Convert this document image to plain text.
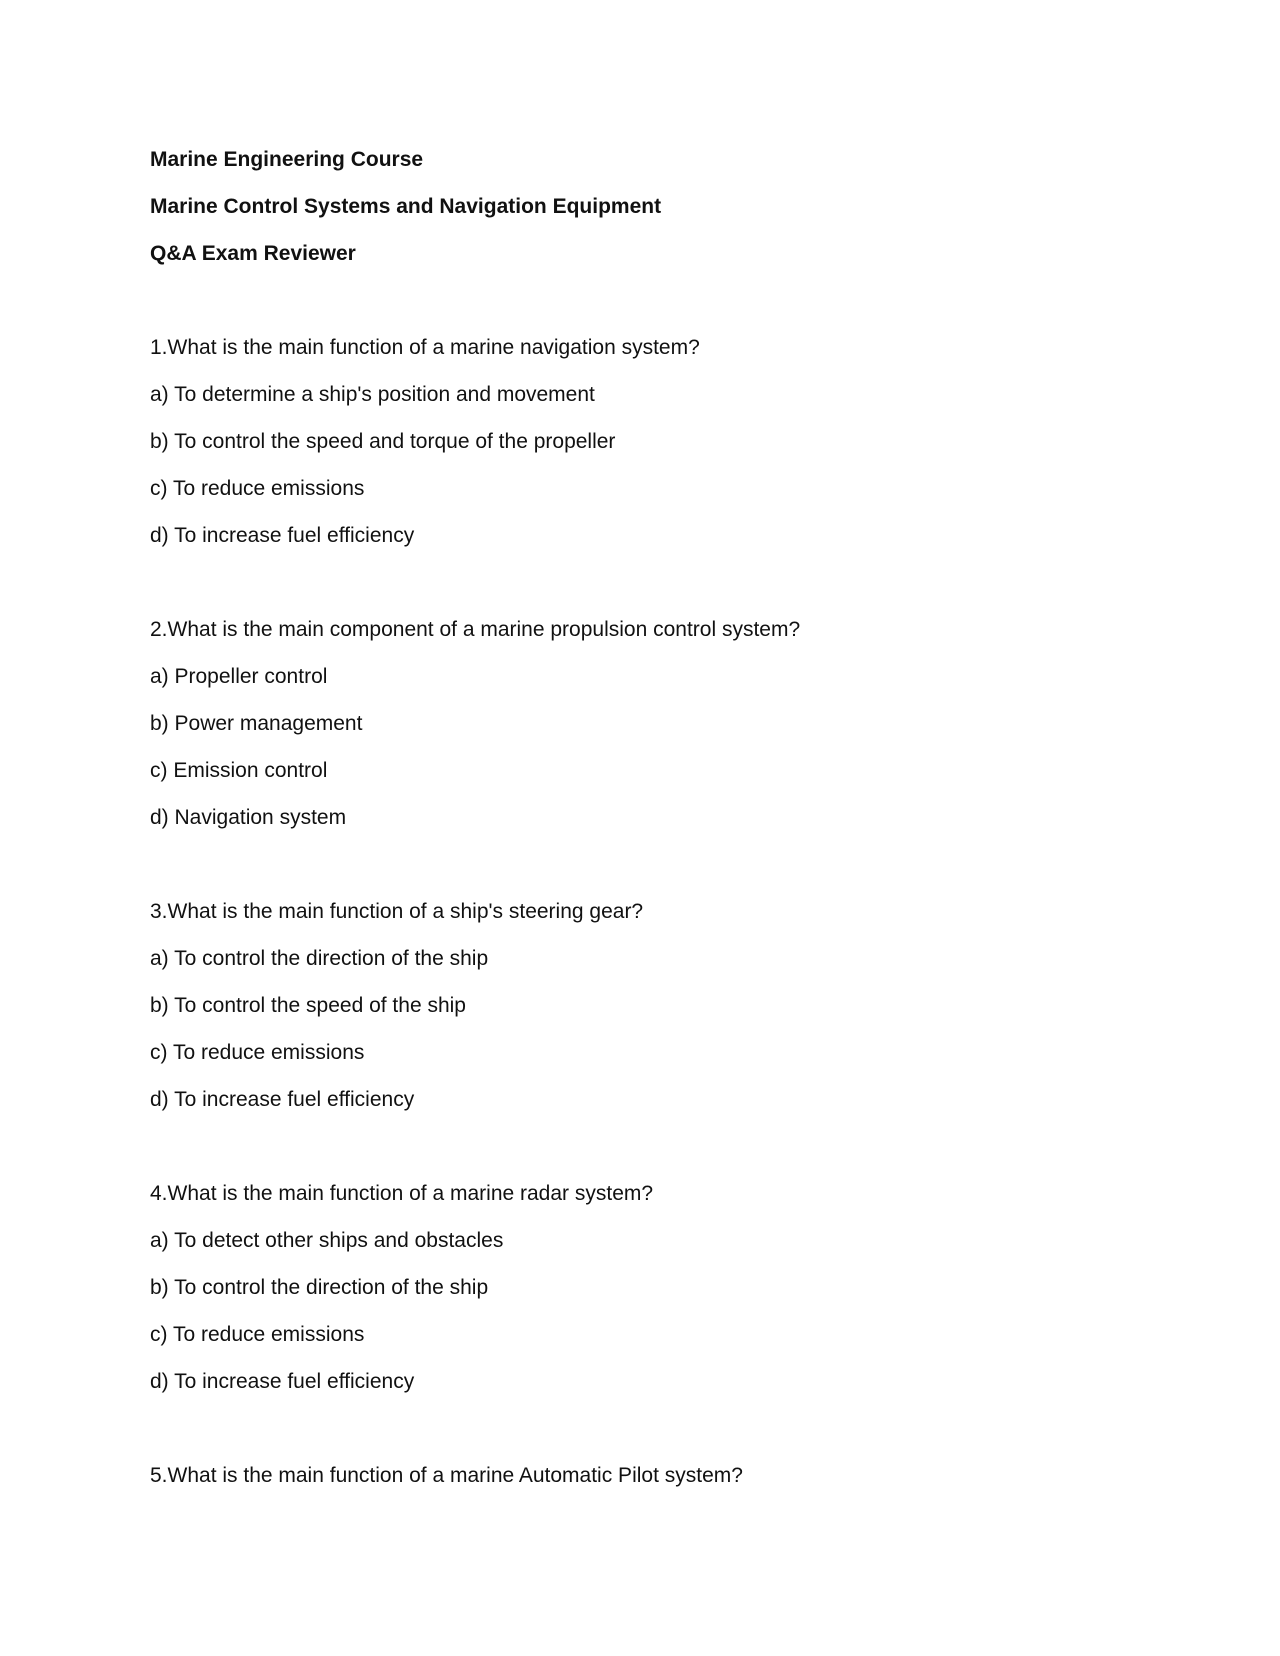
Marine Engineering Course
Marine Control Systems and Navigation Equipment
Q&A Exam Reviewer
1.What is the main function of a marine navigation system?
a) To determine a ship's position and movement
b) To control the speed and torque of the propeller
c) To reduce emissions
d) To increase fuel efficiency
2.What is the main component of a marine propulsion control system?
a) Propeller control
b) Power management
c) Emission control
d) Navigation system
3.What is the main function of a ship's steering gear?
a) To control the direction of the ship
b) To control the speed of the ship
c) To reduce emissions
d) To increase fuel efficiency
4.What is the main function of a marine radar system?
a) To detect other ships and obstacles
b) To control the direction of the ship
c) To reduce emissions
d) To increase fuel efficiency
5.What is the main function of a marine Automatic Pilot system?
